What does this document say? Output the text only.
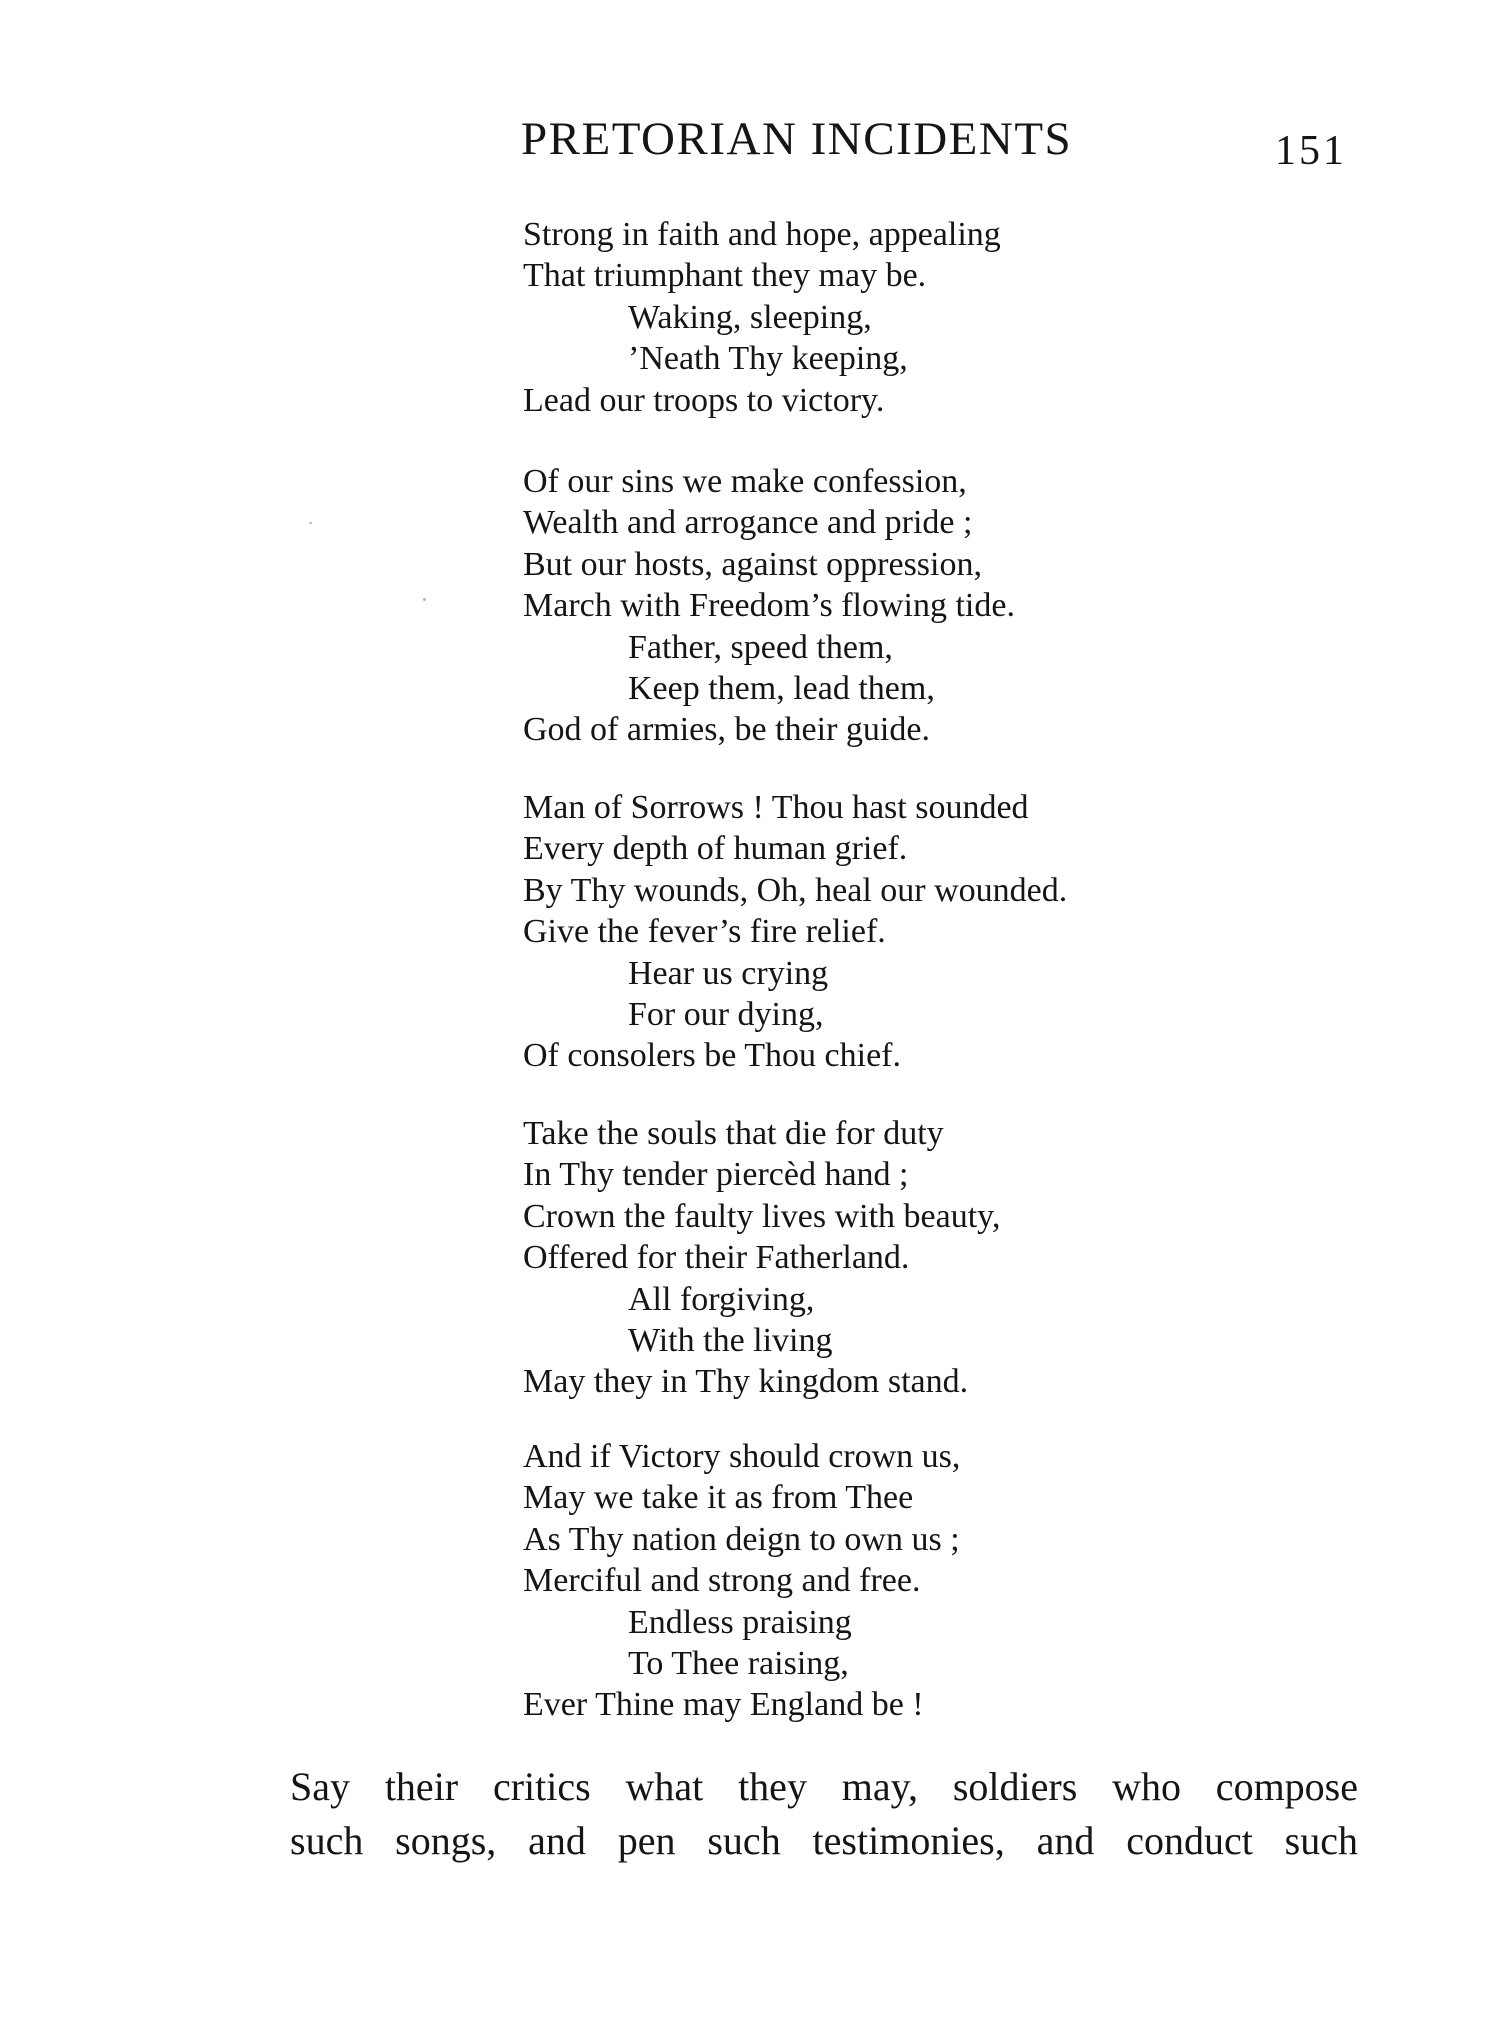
PRETORIAN INCIDENTS	151
Strong in faith and hope, appealing
That triumphant they may be.
Waking, sleeping,
’Neath Thy keeping,
Lead our troops to victory.
Of our sins we make confession,
Wealth and arrogance and pride ;
But our hosts, against oppression,
March with Freedom’s flowing tide.
Father, speed them,
Keep them, lead them,
God of armies, be their guide.
Man of Sorrows ! Thou hast sounded
Every depth of human grief.
By Thy wounds, Oh, heal our wounded.
Give the fever’s fire relief.
Hear us crying
For our dying,
Of consolers be Thou chief.
Take the souls that die for duty
In Thy tender piercèd hand ;
Crown the faulty lives with beauty,
Offered for their Fatherland.
All forgiving,
With the living
May they in Thy kingdom stand.
And if Victory should crown us,
May we take it as from Thee
As Thy nation deign to own us ;
Merciful and strong and free.
Endless praising
To Thee raising,
Ever Thine may England be !
Say their critics what they may, soldiers who compose
such songs, and pen such testimonies, and conduct such
